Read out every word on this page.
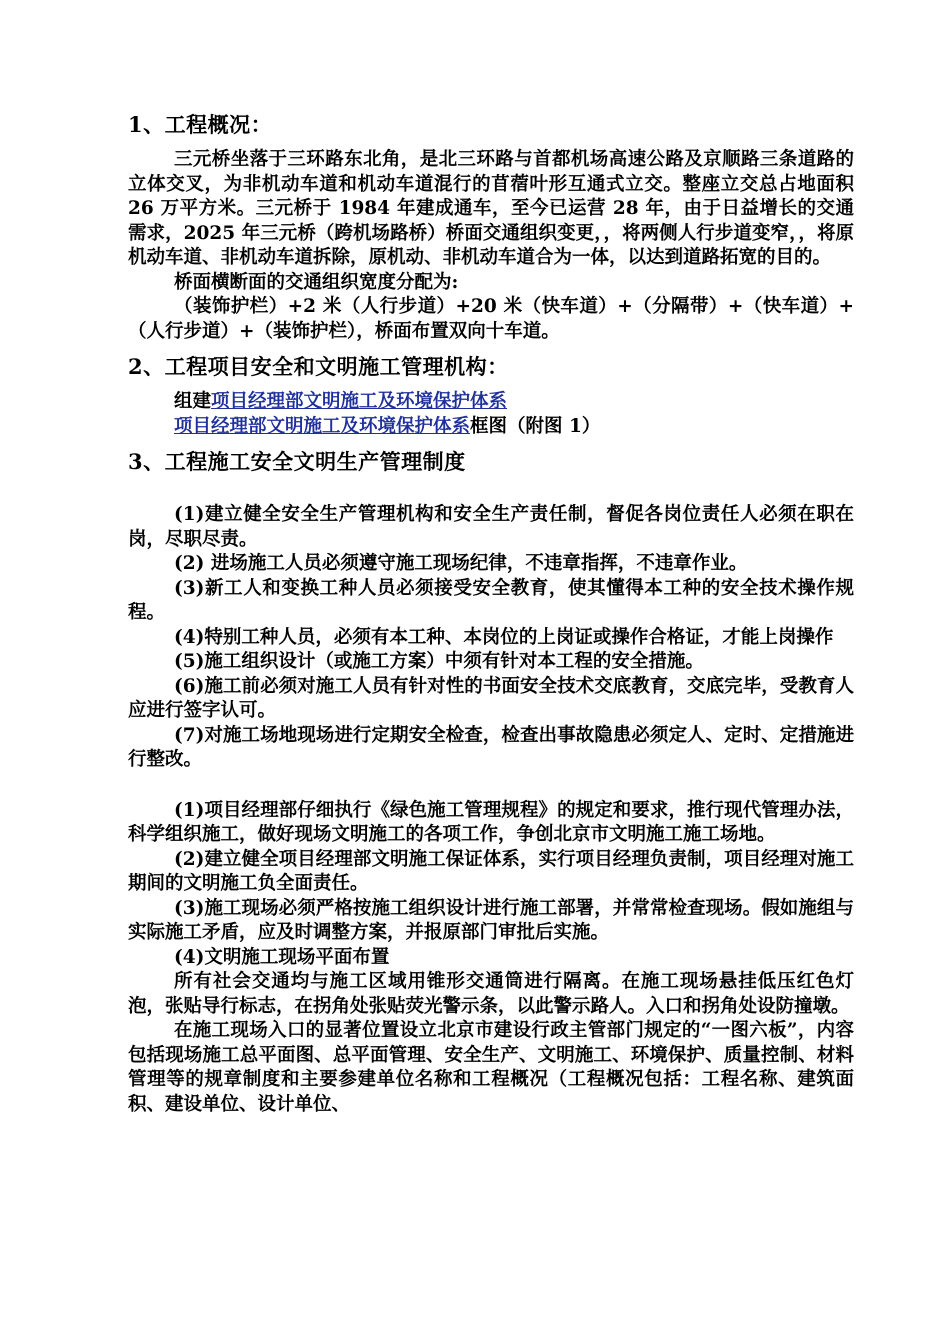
1、工程概况：

三元桥坐落于三环路东北角，是北三环路与首都机场高速公路及京顺路三条道路的立体交叉，为非机动车道和机动车道混行的苜蓿叶形互通式立交。整座立交总占地面积 26 万平方米。三元桥于 1984 年建成通车，至今已运营 28 年，由于日益增长的交通需求，2025 年三元桥（跨机场路桥）桥面交通组织变更，，将两侧人行步道变窄，，将原机动车道、非机动车道拆除，原机动、非机动车道合为一体，以达到道路拓宽的目的。

桥面横断面的交通组织宽度分配为:

（装饰护栏）+2 米（人行步道）+20 米（快车道）+（分隔带）+（快车道）+（人行步道）+（装饰护栏），桥面布置双向十车道。

2、工程项目安全和文明施工管理机构：

组建项目经理部文明施工及环境保护体系

项目经理部文明施工及环境保护体系框图（附图 1）

3、工程施工安全文明生产管理制度

(1)建立健全安全生产管理机构和安全生产责任制，督促各岗位责任人必须在职在岗，尽职尽责。

(2) 进场施工人员必须遵守施工现场纪律，不违章指挥，不违章作业。

(3)新工人和变换工种人员必须接受安全教育，使其懂得本工种的安全技术操作规程。

(4)特别工种人员，必须有本工种、本岗位的上岗证或操作合格证，才能上岗操作

(5)施工组织设计（或施工方案）中须有针对本工程的安全措施。

(6)施工前必须对施工人员有针对性的书面安全技术交底教育，交底完毕，受教育人应进行签字认可。

(7)对施工场地现场进行定期安全检查，检查出事故隐患必须定人、定时、定措施进行整改。

(1)项目经理部仔细执行《绿色施工管理规程》的规定和要求，推行现代管理办法，科学组织施工，做好现场文明施工的各项工作，争创北京市文明施工施工场地。

(2)建立健全项目经理部文明施工保证体系，实行项目经理负责制，项目经理对施工期间的文明施工负全面责任。

(3)施工现场必须严格按施工组织设计进行施工部署，并常常检查现场。假如施组与实际施工矛盾，应及时调整方案，并报原部门审批后实施。

(4)文明施工现场平面布置

所有社会交通均与施工区域用锥形交通筒进行隔离。在施工现场悬挂低压红色灯泡，张贴导行标志，在拐角处张贴荧光警示条，以此警示路人。入口和拐角处设防撞墩。

在施工现场入口的显著位置设立北京市建设行政主管部门规定的“一图六板”，内容包括现场施工总平面图、总平面管理、安全生产、文明施工、环境保护、质量控制、材料管理等的规章制度和主要参建单位名称和工程概况（工程概况包括：工程名称、建筑面积、建设单位、设计单位、
